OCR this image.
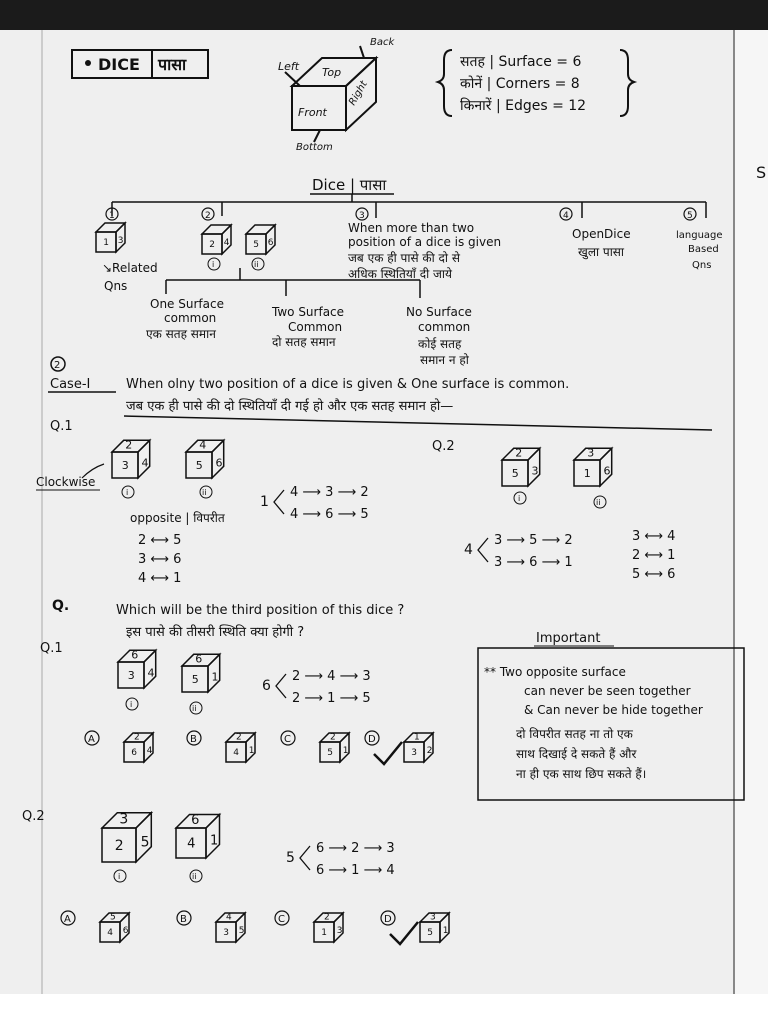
S
DICE पासा	Left Top
Back
Front
Right
Bottom
सतह | Surface = 6
कोनें | Corners = 8
किनारें | Edges = 12
Dice | पासा
1	2	3	4	5
When more than two
position of a dice is given
जब एक ही पासे की दो से
अधिक स्थितियाँ दी जाये
OpenDice
खुला पासा
language
Based
Qns
↘Related
Qns
1 3	2 4	5 6
i	ii
One Surface
common
एक सतह समान
Two Surface
Common
दो सतह समान
No Surface
common
कोई सतह
समान न हो
2
Case-I	When olny two position of a dice is given & One surface is common.
जब एक ही पासे की दो स्थितियाँ दी गई हो और एक सतह समान हो—
Q.1
Q.2
Clockwise
2
3 4
4
5 6
i	ii
2
5 3
3
1 6
i	ii
1
4 ⟶ 3 ⟶ 2
4 ⟶ 6 ⟶ 5
opposite | विपरीत
2 ⟷ 5
3 ⟷ 6
4 ⟷ 1
4
3 ⟶ 5 ⟶ 2
3 ⟶ 6 ⟶ 1
3 ⟷ 4
2 ⟷ 1
5 ⟷ 6
Q.	Which will be the third position of this dice ?
इस पासे की तीसरी स्थिति क्या होगी ?
Q.1
Q.2
6
3 4
6
5 1
i	ii
3
2 5
6
4 1
i	ii
6
2 ⟶ 4 ⟶ 3
2 ⟶ 1 ⟶ 5
5
6 ⟶ 2 ⟶ 3
6 ⟶ 1 ⟶ 4
A	2
6 4
B	2
4 1
C	2
5 1
D	1
3 2
A	5
4 6
B	4
3 5
C	2
1 3
D	3
5 1
Important
** Two opposite surface
can never be seen together
& Can never be hide together
दो विपरीत सतह ना तो एक
साथ दिखाई दे सकते हैं और
ना ही एक साथ छिप सकते हैं।
